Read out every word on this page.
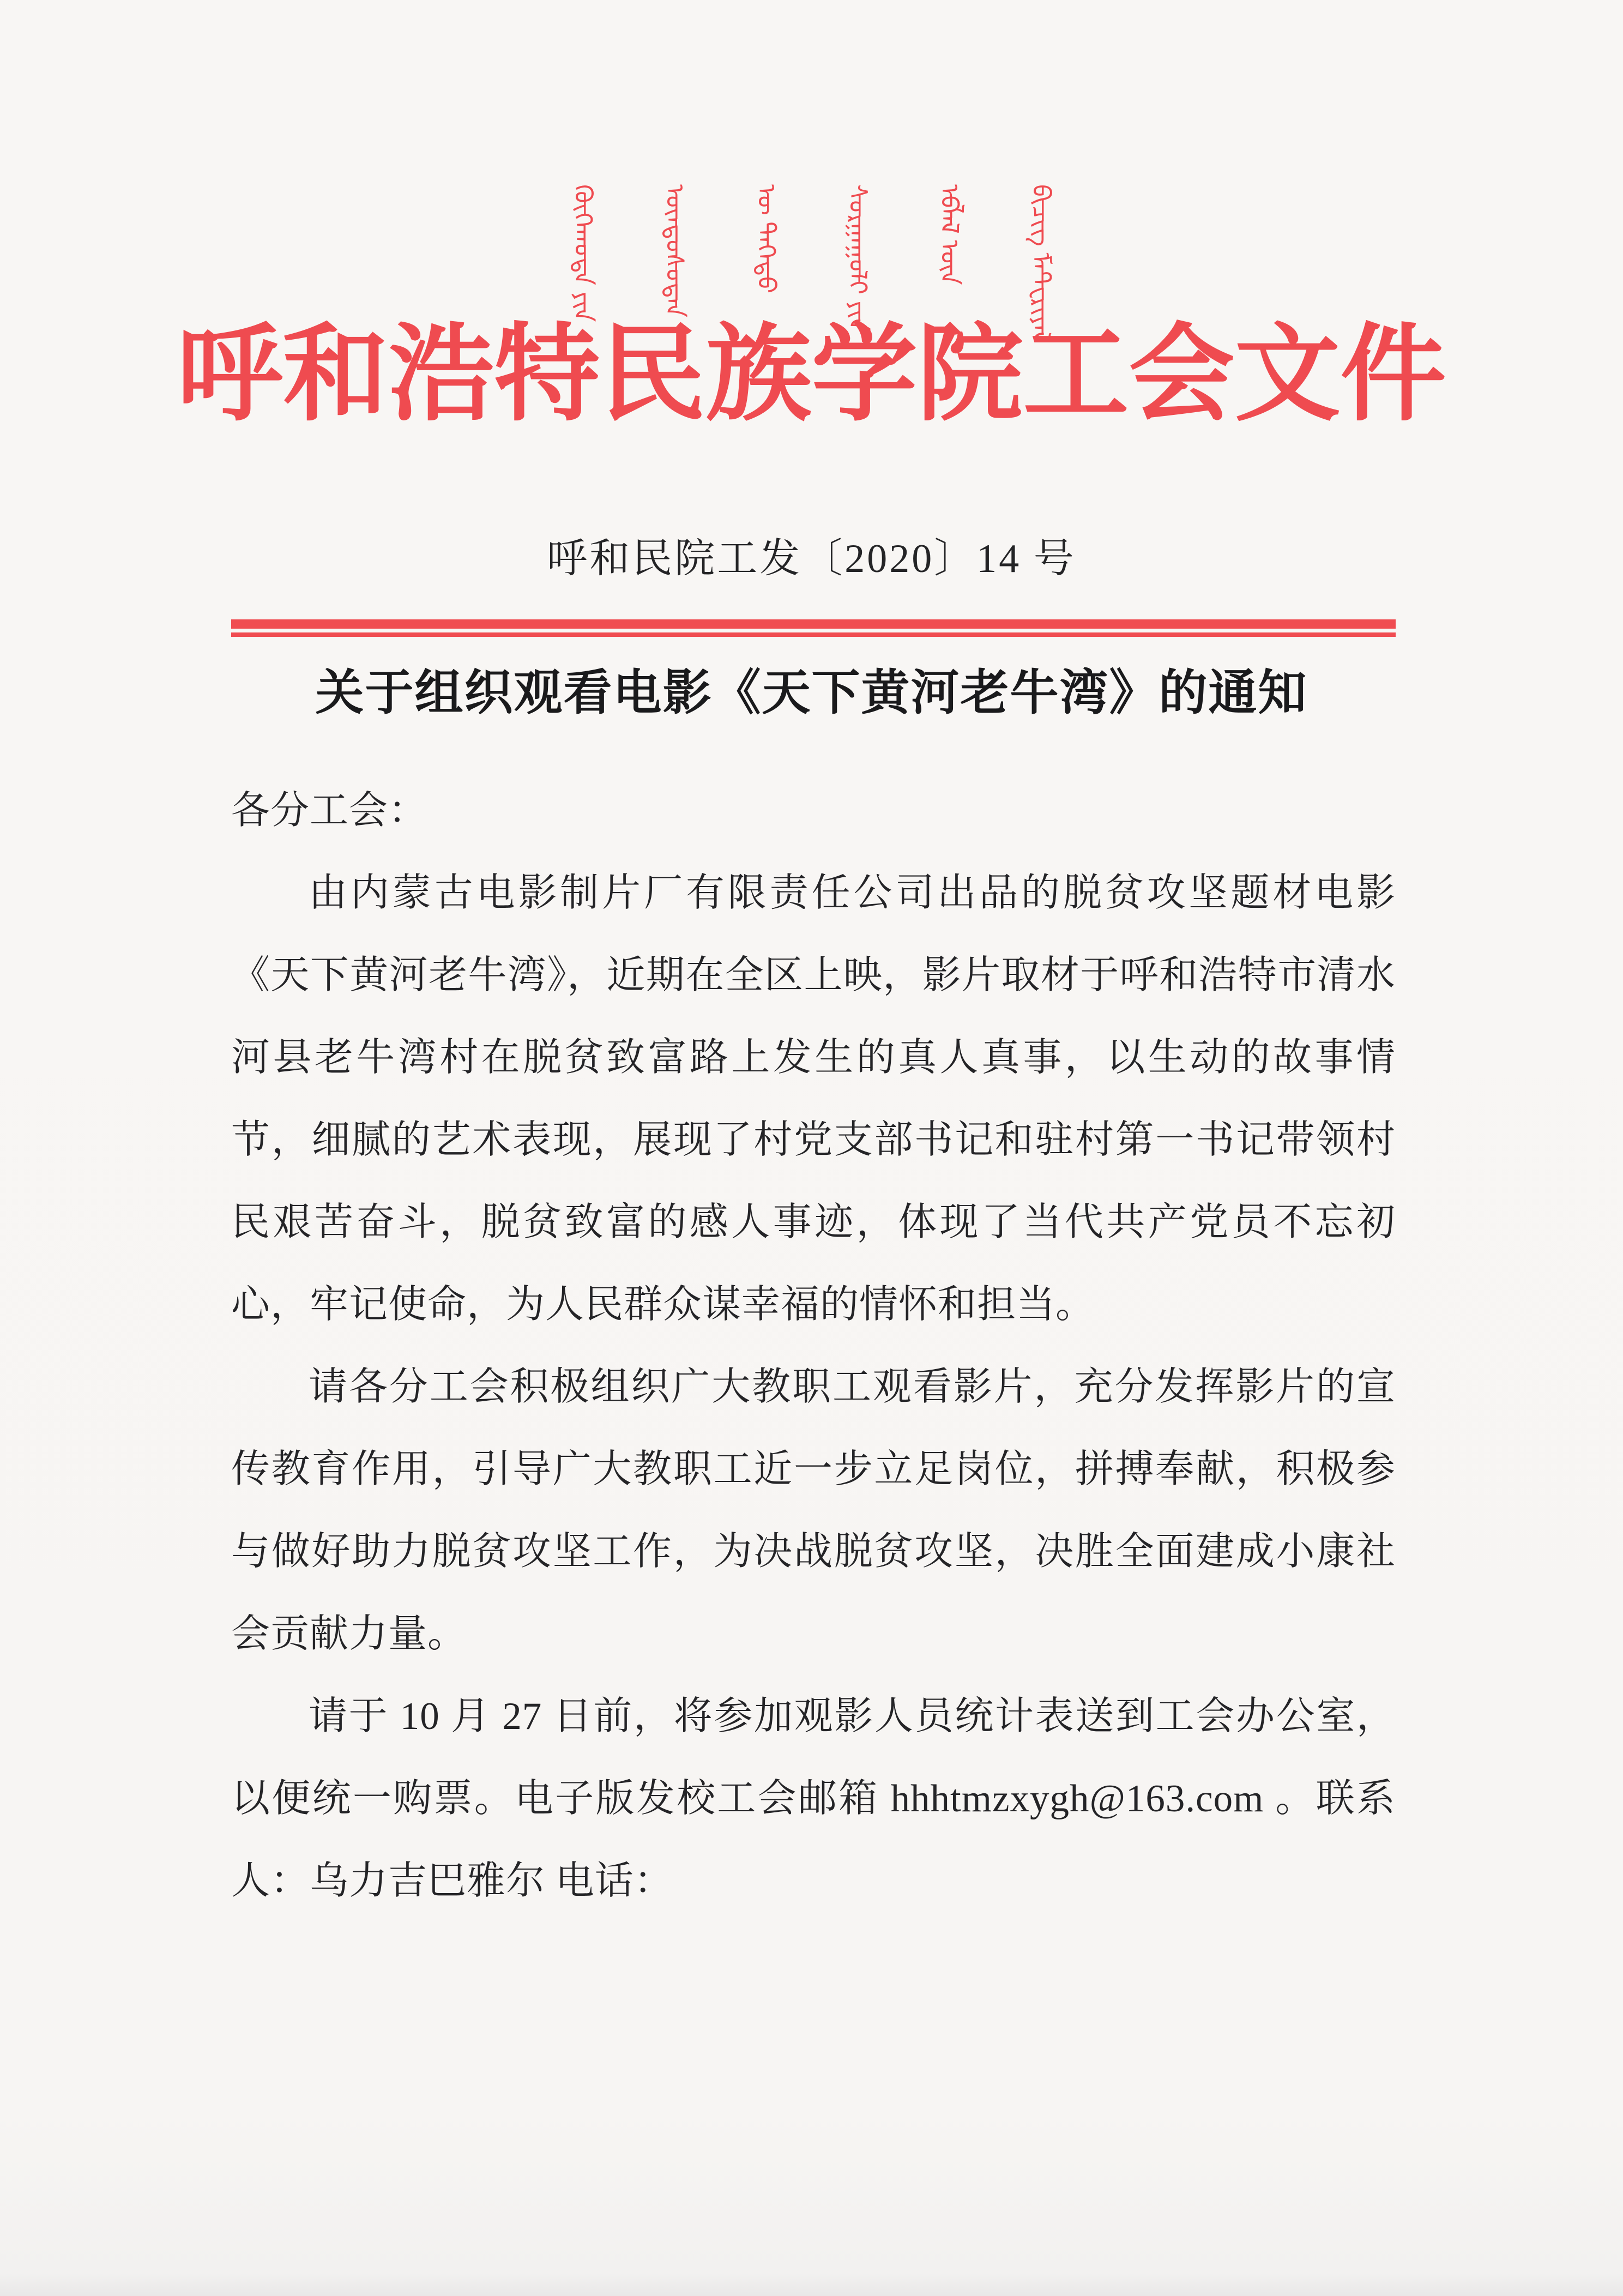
ᠬᠥᠬᠡᠬᠣᠲᠠ ᠶᠢᠨ ᠦᠨᠳᠦᠰᠦᠲᠡᠨ ᠦ ᠳᠡᠭᠡᠳᠦ ᠰᠤᠷᠭᠠᠭᠤᠯᠢ ᠶᠢᠨ ᠡᠪᠯᠡᠯ ᠦᠨ ᠪᠢᠴᠢᠭ ᠮᠠᠲ᠋ᠧᠷᠢᠶᠠᠯ
呼和浩特民族学院工会文件
呼和民院工发〔2020〕14 号
关于组织观看电影《天下黄河老牛湾》的通知

各分工会：

由内蒙古电影制片厂有限责任公司出品的脱贫攻坚题材电影《天下黄河老牛湾》，近期在全区上映，影片取材于呼和浩特市清水河县老牛湾村在脱贫致富路上发生的真人真事，以生动的故事情节，细腻的艺术表现，展现了村党支部书记和驻村第一书记带领村民艰苦奋斗，脱贫致富的感人事迹，体现了当代共产党员不忘初心，牢记使命，为人民群众谋幸福的情怀和担当。

请各分工会积极组织广大教职工观看影片，充分发挥影片的宣传教育作用，引导广大教职工近一步立足岗位，拼搏奉献，积极参与做好助力脱贫攻坚工作，为决战脱贫攻坚，决胜全面建成小康社会贡献力量。

请于 10 月 27 日前，将参加观影人员统计表送到工会办公室，以便统一购票。电子版发校工会邮箱 hhhtmzxygh@163.com 。联系人：乌力吉巴雅尔 电话：
